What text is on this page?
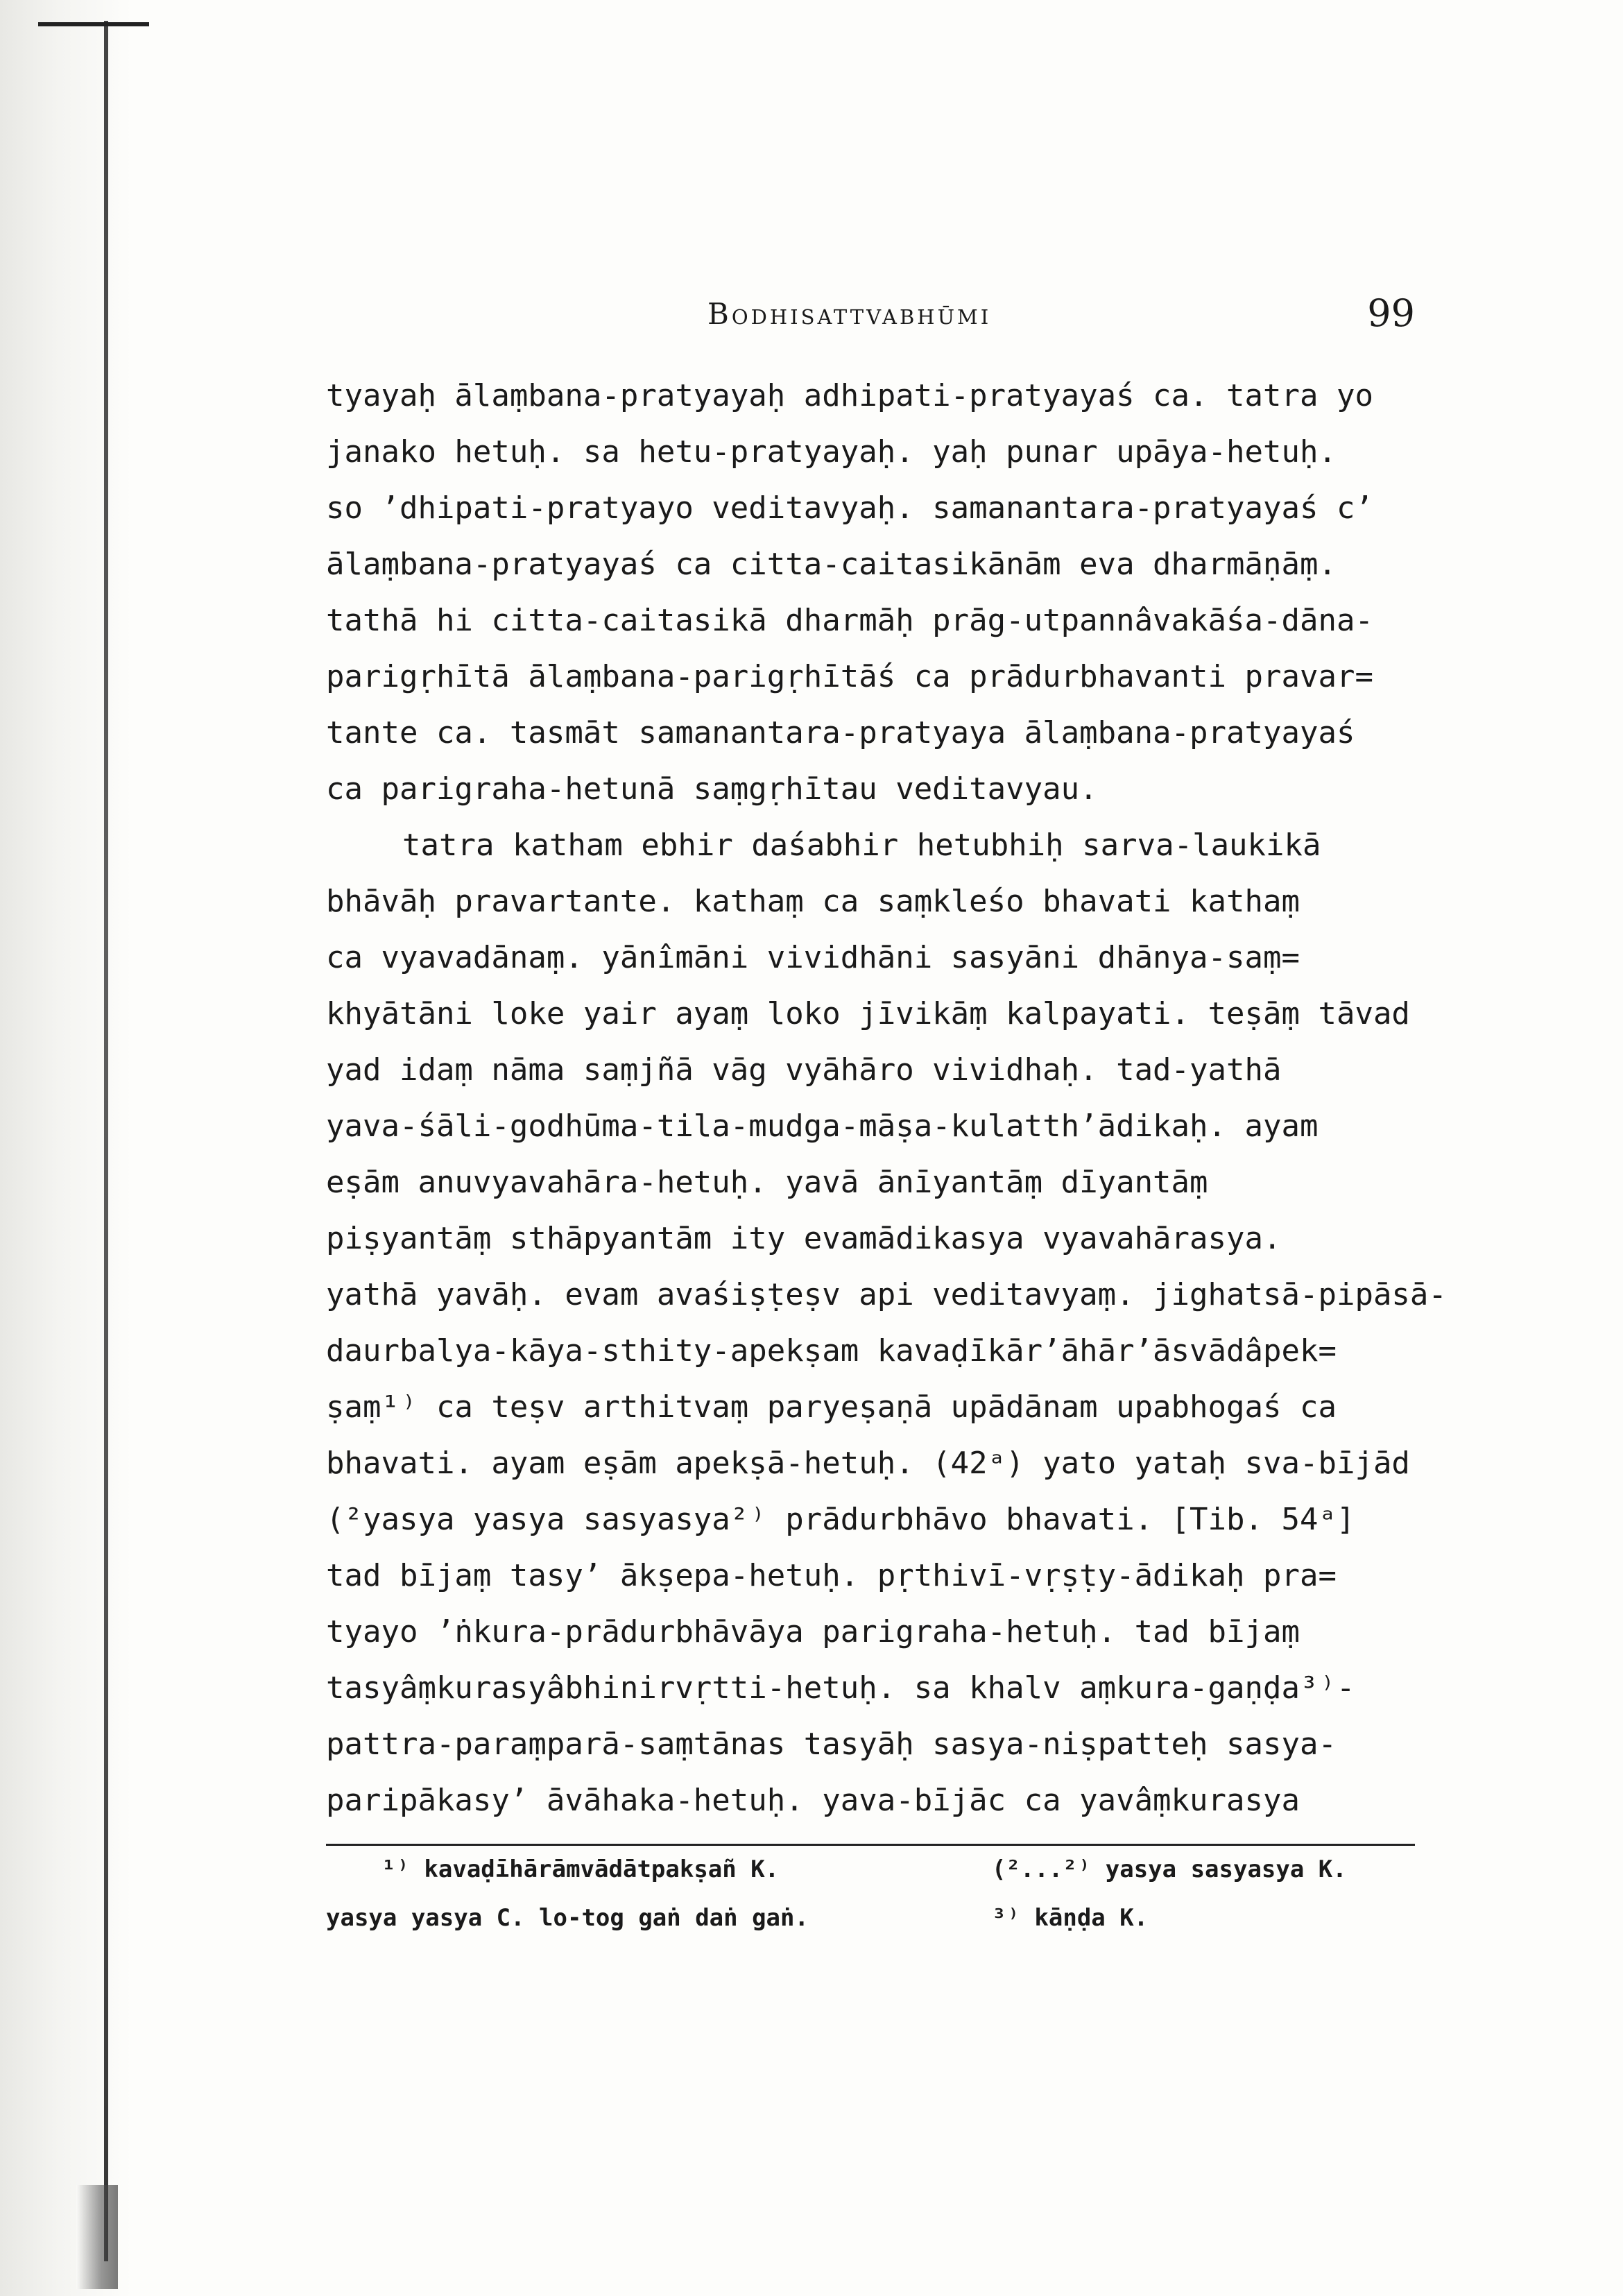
Bodhisattvabhūmi	99
tyayaḥ ālaṃbana-pratyayaḥ adhipati-pratyayaś ca. tatra yo
janako hetuḥ. sa hetu-pratyayaḥ. yaḥ punar upāya-hetuḥ.
so ’dhipati-pratyayo veditavyaḥ. samanantara-pratyayaś c’
ālaṃbana-pratyayaś ca citta-caitasikānām eva dharmāṇāṃ.
tathā hi citta-caitasikā dharmāḥ prāg-utpannâvakāśa-dāna-
parigṛhītā ālaṃbana-parigṛhītāś ca prādurbhavanti pravar=
tante ca. tasmāt samanantara-pratyaya ālaṃbana-pratyayaś
ca parigraha-hetunā saṃgṛhītau veditavyau.
tatra katham ebhir daśabhir hetubhiḥ sarva-laukikā
bhāvāḥ pravartante. kathaṃ ca saṃkleśo bhavati kathaṃ
ca vyavadānaṃ. yānîmāni vividhāni sasyāni dhānya-saṃ=
khyātāni loke yair ayaṃ loko jīvikāṃ kalpayati. teṣāṃ tāvad
yad idaṃ nāma saṃjñā vāg vyāhāro vividhaḥ. tad-yathā
yava-śāli-godhūma-tila-mudga-māṣa-kulatth’ādikaḥ. ayam
eṣām anuvyavahāra-hetuḥ. yavā ānīyantāṃ dīyantāṃ
piṣyantāṃ sthāpyantām ity evamādikasya vyavahārasya.
yathā yavāḥ. evam avaśiṣṭeṣv api veditavyaṃ. jighatsā-pipāsā-
daurbalya-kāya-sthity-apekṣam kavaḍīkār’āhār’āsvādâpek=
ṣaṃ¹⁾ ca teṣv arthitvaṃ paryeṣaṇā upādānam upabhogaś ca
bhavati. ayam eṣām apekṣā-hetuḥ. (42ᵃ) yato yataḥ sva-bījād
(²yasya yasya sasyasya²⁾ prādurbhāvo bhavati. [Tib. 54ᵃ]
tad bījaṃ tasy’ ākṣepa-hetuḥ. pṛthivī-vṛṣṭy-ādikaḥ pra=
tyayo ’ṅkura-prādurbhāvāya parigraha-hetuḥ. tad bījaṃ
tasyâṃkurasyâbhinirvṛtti-hetuḥ. sa khalv aṃkura-gaṇḍa³⁾-
pattra-paraṃparā-saṃtānas tasyāḥ sasya-niṣpatteḥ sasya-
paripākasy’ āvāhaka-hetuḥ. yava-bījāc ca yavâṃkurasya
¹⁾ kavaḍīhārāmvādātpakṣañ K.
yasya yasya C. lo-tog gaṅ daṅ gaṅ.
(²...²⁾ yasya sasyasya K.
³⁾ kāṇḍa K.
